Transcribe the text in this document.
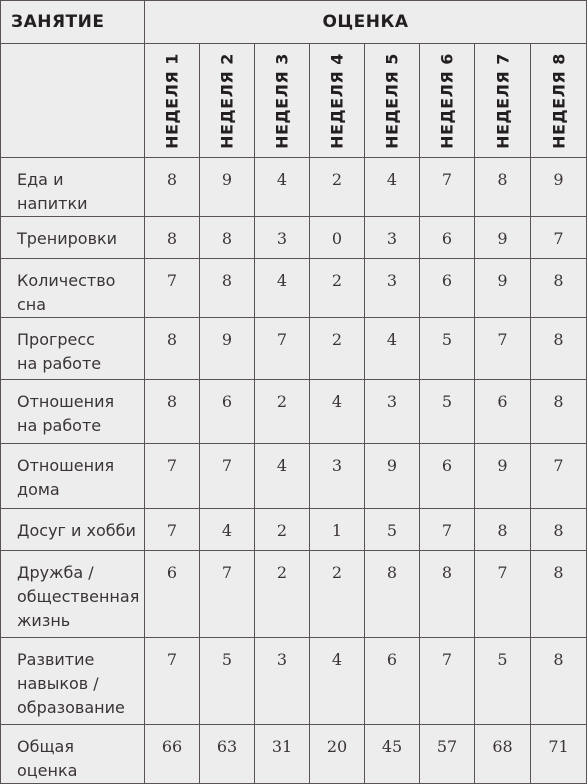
ЗАНЯТИЕ	ОЦЕНКА							

	НЕДЕЛЯ 1	НЕДЕЛЯ 2	НЕДЕЛЯ 3	НЕДЕЛЯ 4	НЕДЕЛЯ 5	НЕДЕЛЯ 6	НЕДЕЛЯ 7	НЕДЕЛЯ 8

Еда и напитки	8	9	4	2	4	7	8	9
Тренировки	8	8	3	0	3	6	9	7
Количество сна	7	8	4	2	3	6	9	8
Прогресс
на работе	8	9	7	2	4	5	7	8
Отношения
на работе	8	6	2	4	3	5	6	8
Отношения
дома	7	7	4	3	9	6	9	7
Досуг и хобби	7	4	2	1	5	7	8	8
Дружба /
общественная
жизнь	6	7	2	2	8	8	7	8
Развитие
навыков /
образование	7	5	3	4	6	7	5	8
Общая оценка	66	63	31	20	45	57	68	71
